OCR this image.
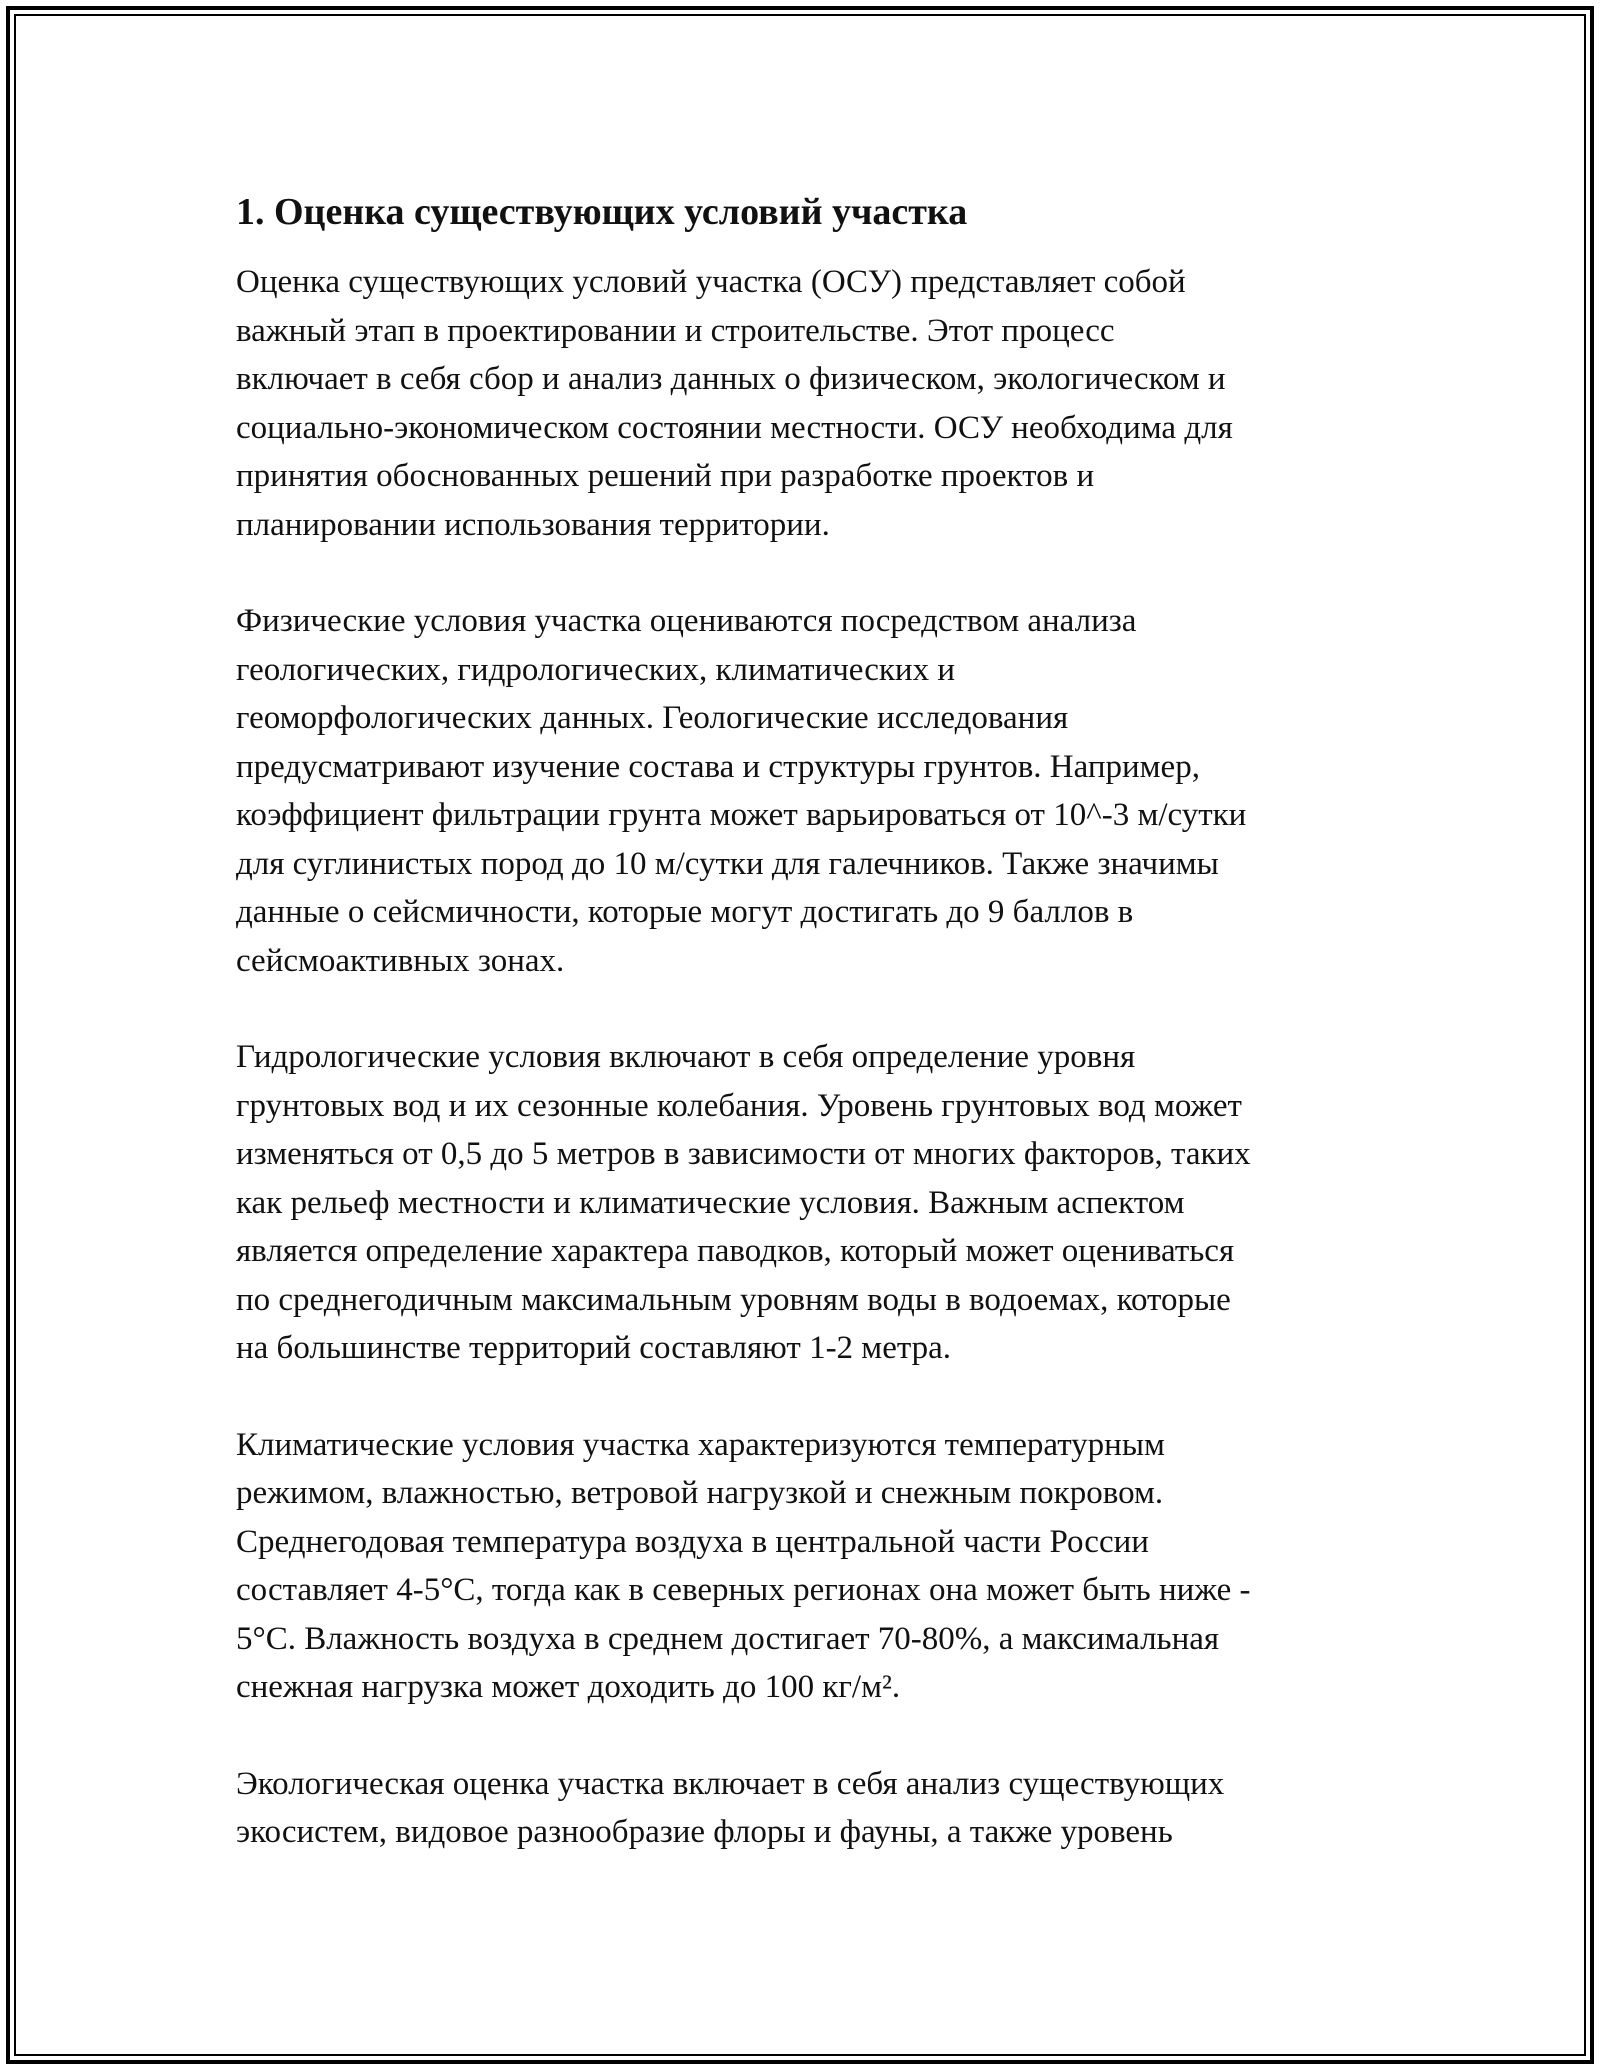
1. Оценка существующих условий участка

Оценка существующих условий участка (ОСУ) представляет собой
важный этап в проектировании и строительстве. Этот процесс
включает в себя сбор и анализ данных о физическом, экологическом и
социально-экономическом состоянии местности. ОСУ необходима для
принятия обоснованных решений при разработке проектов и
планировании использования территории.

Физические условия участка оцениваются посредством анализа
геологических, гидрологических, климатических и
геоморфологических данных. Геологические исследования
предусматривают изучение состава и структуры грунтов. Например,
коэффициент фильтрации грунта может варьироваться от 10^-3 м/сутки
для суглинистых пород до 10 м/сутки для галечников. Также значимы
данные о сейсмичности, которые могут достигать до 9 баллов в
сейсмоактивных зонах.

Гидрологические условия включают в себя определение уровня
грунтовых вод и их сезонные колебания. Уровень грунтовых вод может
изменяться от 0,5 до 5 метров в зависимости от многих факторов, таких
как рельеф местности и климатические условия. Важным аспектом
является определение характера паводков, который может оцениваться
по среднегодичным максимальным уровням воды в водоемах, которые
на большинстве территорий составляют 1-2 метра.

Климатические условия участка характеризуются температурным
режимом, влажностью, ветровой нагрузкой и снежным покровом.
Среднегодовая температура воздуха в центральной части России
составляет 4-5°C, тогда как в северных регионах она может быть ниже -
5°C. Влажность воздуха в среднем достигает 70-80%, а максимальная
снежная нагрузка может доходить до 100 кг/м².

Экологическая оценка участка включает в себя анализ существующих
экосистем, видовое разнообразие флоры и фауны, а также уровень
